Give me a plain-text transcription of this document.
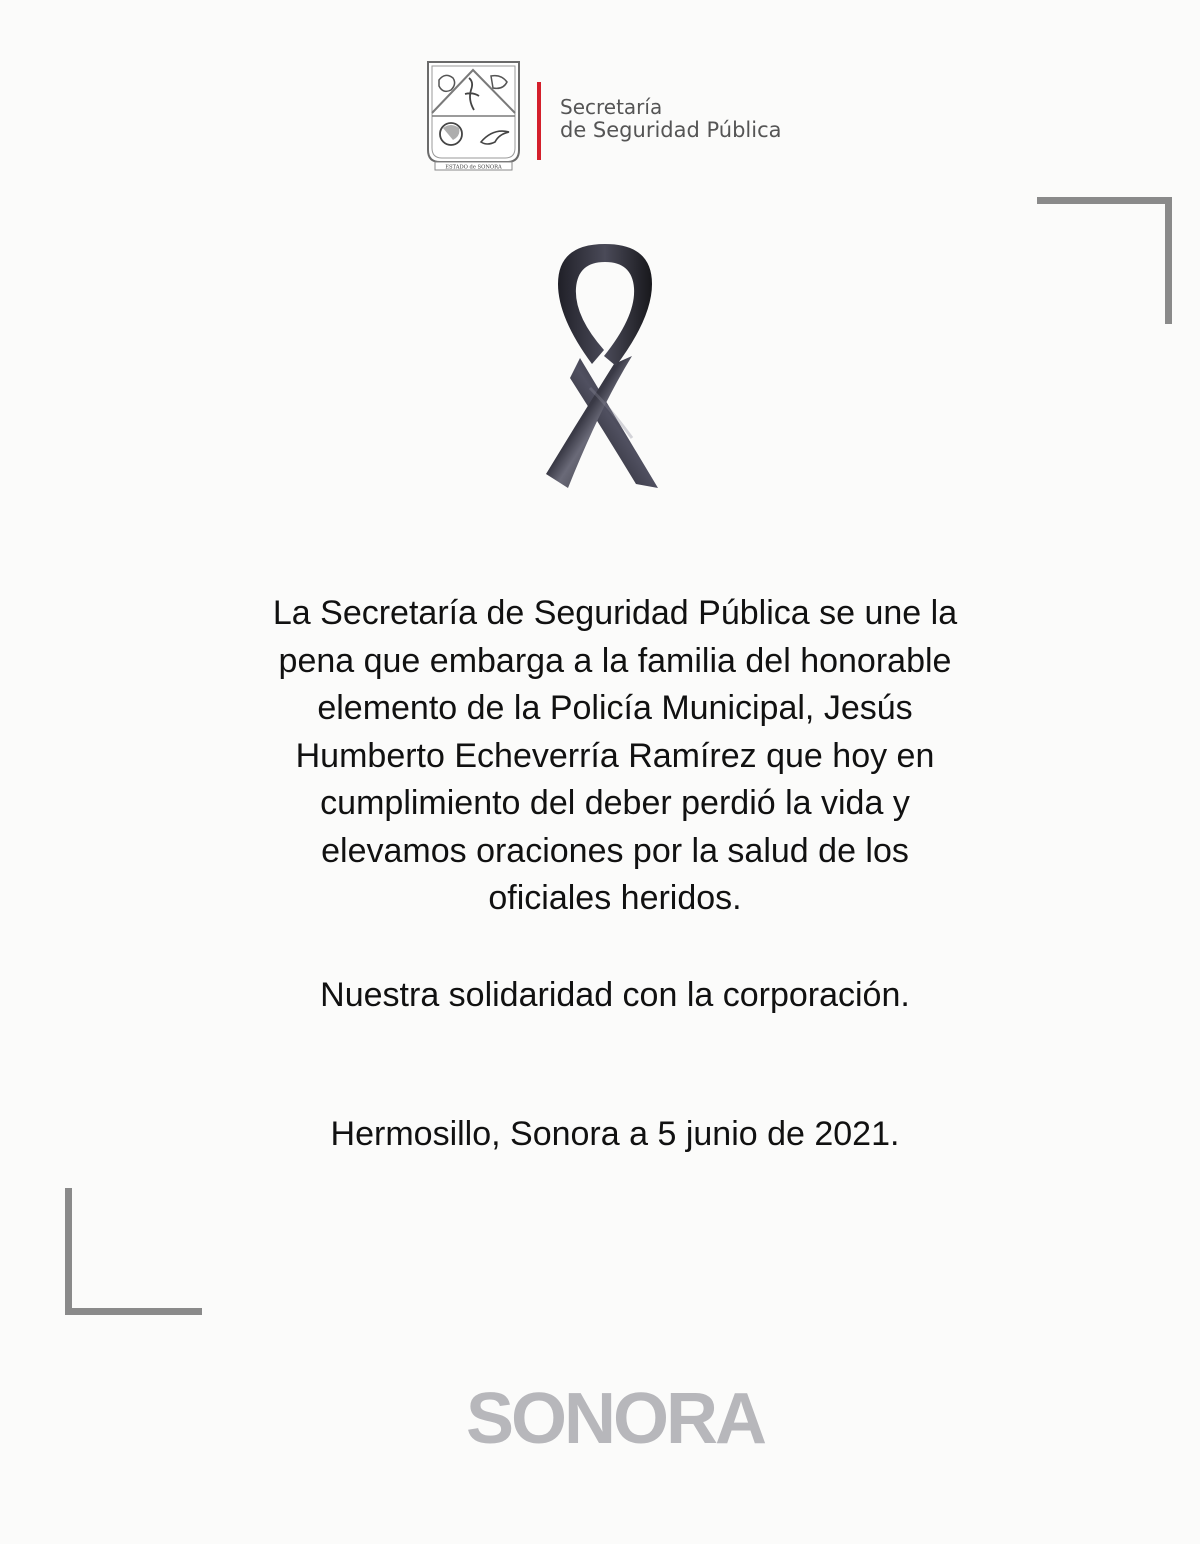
ESTADO de SONORA
Secretaría
de Seguridad Pública

La Secretaría de Seguridad Pública se une la
pena que embarga a la familia del honorable
elemento de la Policía Municipal, Jesús
Humberto Echeverría Ramírez que hoy en
cumplimiento del deber perdió la vida y
elevamos oraciones por la salud de los
oficiales heridos.

Nuestra solidaridad con la corporación.

Hermosillo, Sonora a 5 junio de 2021.

SONORA
